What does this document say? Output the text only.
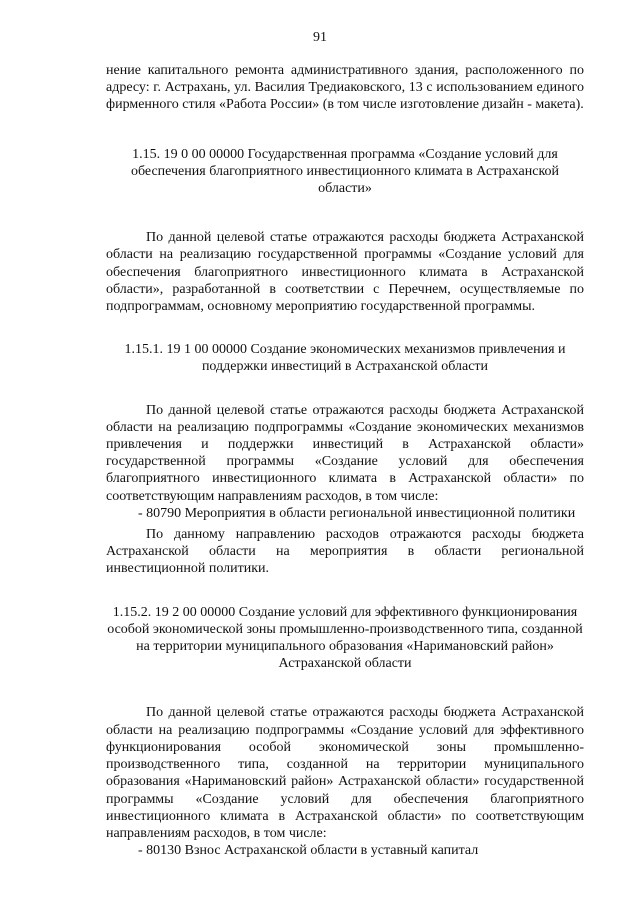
91

нение капитального ремонта административного здания, расположенного по адресу: г. Астрахань, ул. Василия Тредиаковского, 13 с использованием единого фирменного стиля «Работа России» (в том числе изготовление дизайн - макета).

1.15. 19 0 00 00000 Государственная программа «Создание условий для обеспечения благоприятного инвестиционного климата в Астраханской области»

По данной целевой статье отражаются расходы бюджета Астраханской области на реализацию государственной программы «Создание условий для обеспечения благоприятного инвестиционного климата в Астраханской области», разработанной в соответствии с Перечнем, осуществляемые по подпрограммам, основному мероприятию государственной программы.

1.15.1. 19 1 00 00000 Создание экономических механизмов привлечения и поддержки инвестиций в Астраханской области

По данной целевой статье отражаются расходы бюджета Астраханской области на реализацию подпрограммы «Создание экономических механизмов привлечения и поддержки инвестиций в Астраханской области» государственной программы «Создание условий для обеспечения благоприятного инвестиционного климата в Астраханской области» по соответствующим направлениям расходов, в том числе:

- 80790 Мероприятия в области региональной инвестиционной политики

По данному направлению расходов отражаются расходы бюджета Астраханской области на мероприятия в области региональной инвестиционной политики.

1.15.2. 19 2 00 00000 Создание условий для эффективного функционирования особой экономической зоны промышленно-производственного типа, созданной на территории муниципального образования «Наримановский район» Астраханской области

По данной целевой статье отражаются расходы бюджета Астраханской области на реализацию подпрограммы «Создание условий для эффективного функционирования особой экономической зоны промышленно-производственного типа, созданной на территории муниципального образования «Наримановский район» Астраханской области» государственной программы «Создание условий для обеспечения благоприятного инвестиционного климата в Астраханской области» по соответствующим направлениям расходов, в том числе:

- 80130 Взнос Астраханской области в уставный капитал
